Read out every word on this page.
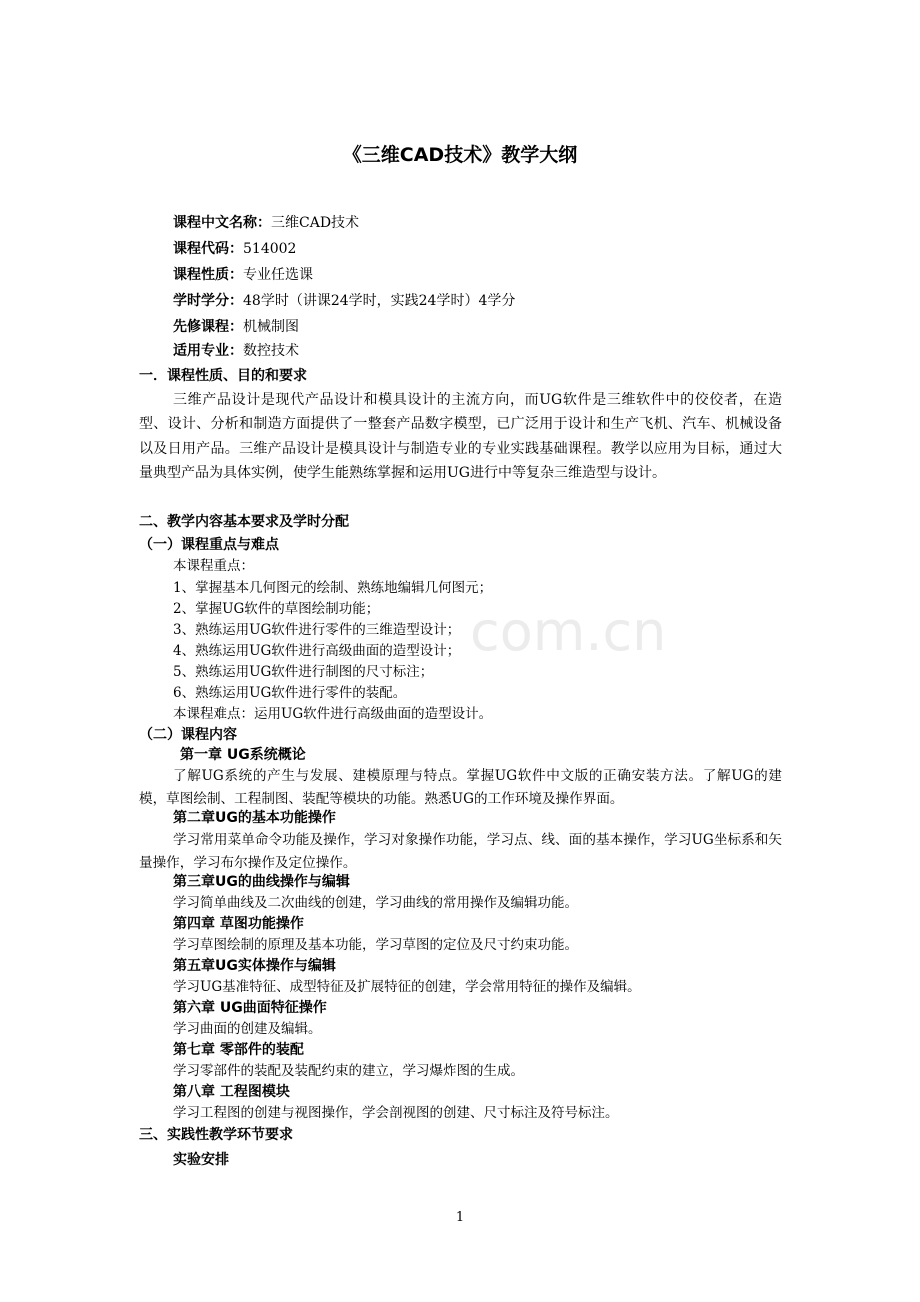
com.cn
《三维CAD技术》教学大纲
课程中文名称：三维CAD技术
课程代码：514002
课程性质：专业任选课
学时学分：48学时（讲课24学时，实践24学时）4学分
先修课程：机械制图
适用专业：数控技术
一．课程性质、目的和要求

三维产品设计是现代产品设计和模具设计的主流方向，而UG软件是三维软件中的佼佼者，在造型、设计、分析和制造方面提供了一整套产品数字模型，已广泛用于设计和生产飞机、汽车、机械设备以及日用产品。三维产品设计是模具设计与制造专业的专业实践基础课程。教学以应用为目标，通过大量典型产品为具体实例，使学生能熟练掌握和运用UG进行中等复杂三维造型与设计。

二、教学内容基本要求及学时分配
（一）课程重点与难点
本课程重点：
1、掌握基本几何图元的绘制、熟练地编辑几何图元；
2、掌握UG软件的草图绘制功能；
3、熟练运用UG软件进行零件的三维造型设计；
4、熟练运用UG软件进行高级曲面的造型设计；
5、熟练运用UG软件进行制图的尺寸标注；
6、熟练运用UG软件进行零件的装配。
本课程难点：运用UG软件进行高级曲面的造型设计。
（二）课程内容
第一章 UG系统概论

了解UG系统的产生与发展、建模原理与特点。掌握UG软件中文版的正确安装方法。了解UG的建模，草图绘制、工程制图、装配等模块的功能。熟悉UG的工作环境及操作界面。

第二章UG的基本功能操作

学习常用菜单命令功能及操作，学习对象操作功能，学习点、线、面的基本操作，学习UG坐标系和矢量操作，学习布尔操作及定位操作。

第三章UG的曲线操作与编辑
学习简单曲线及二次曲线的创建，学习曲线的常用操作及编辑功能。
第四章 草图功能操作
学习草图绘制的原理及基本功能，学习草图的定位及尺寸约束功能。
第五章UG实体操作与编辑
学习UG基准特征、成型特征及扩展特征的创建，学会常用特征的操作及编辑。
第六章 UG曲面特征操作
学习曲面的创建及编辑。
第七章 零部件的装配
学习零部件的装配及装配约束的建立，学习爆炸图的生成。
第八章 工程图模块
学习工程图的创建与视图操作，学会剖视图的创建、尺寸标注及符号标注。
三、实践性教学环节要求
实验安排
1
